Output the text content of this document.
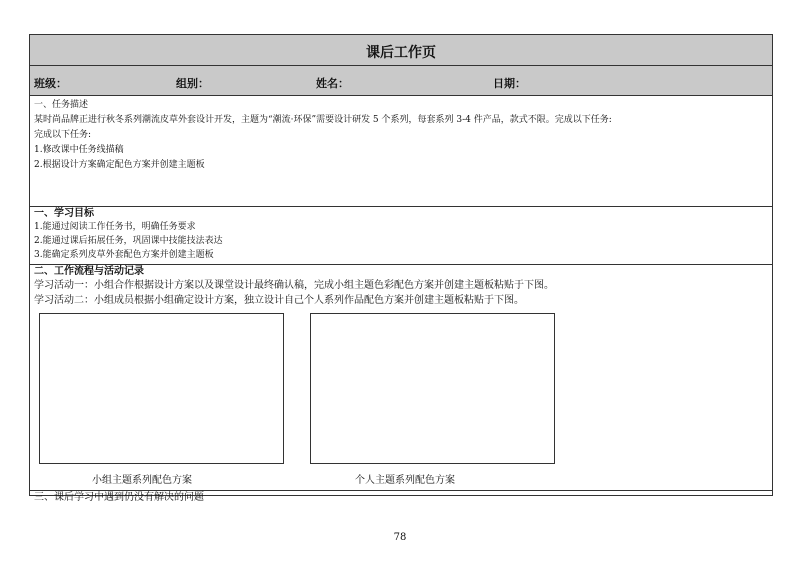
课后工作页
班级：	组别：	姓名：	日期：
一、任务描述
某时尚品牌正进行秋冬系列潮流皮草外套设计开发，主题为“潮流·环保”需要设计研发 5 个系列，每套系列 3-4 件产品，款式不限。完成以下任务:
完成以下任务:
1.修改课中任务线描稿
2.根据设计方案确定配色方案并创建主题板
一、学习目标
1.能通过阅读工作任务书，明确任务要求
2.能通过课后拓展任务，巩固课中技能技法表达
3.能确定系列皮草外套配色方案并创建主题板
二、工作流程与活动记录
学习活动一：小组合作根据设计方案以及课堂设计最终确认稿，完成小组主题色彩配色方案并创建主题板粘贴于下图。
学习活动二：小组成员根据小组确定设计方案，独立设计自己个人系列作品配色方案并创建主题板粘贴于下图。
小组主题系列配色方案	个人主题系列配色方案
三、课后学习中遇到仍没有解决的问题
78
